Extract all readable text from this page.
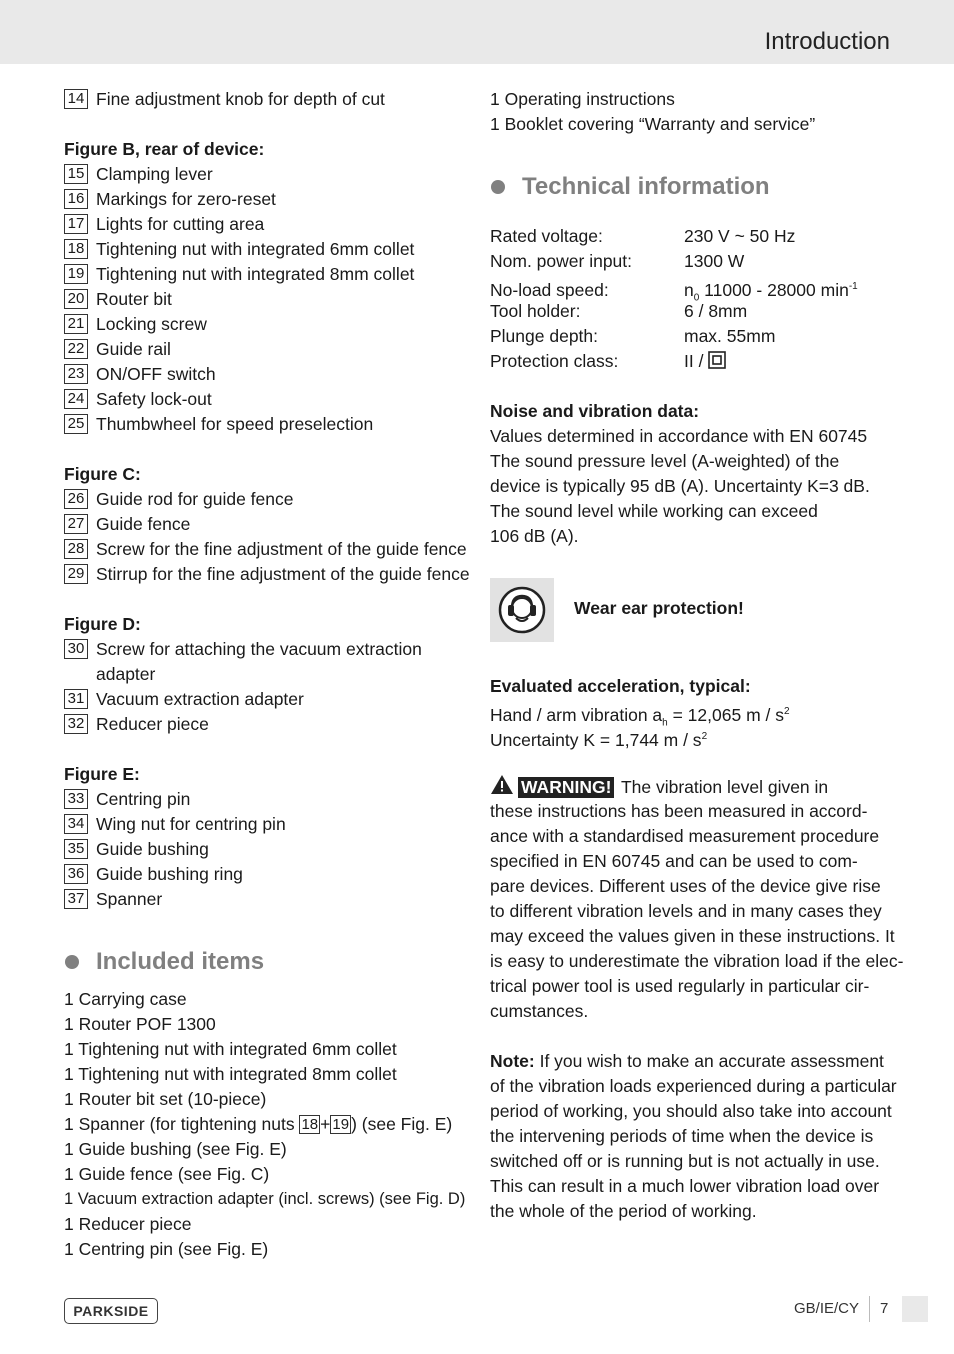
Introduction
14 Fine adjustment knob for depth of cut
Figure B, rear of device:
15 Clamping lever
16 Markings for zero-reset
17 Lights for cutting area
18 Tightening nut with integrated 6mm collet
19 Tightening nut with integrated 8mm collet
20 Router bit
21 Locking screw
22 Guide rail
23 ON/OFF switch
24 Safety lock-out
25 Thumbwheel for speed preselection
Figure C:
26 Guide rod for guide fence
27 Guide fence
28 Screw for the fine adjustment of the guide fence
29 Stirrup for the fine adjustment of the guide fence
Figure D:
30 Screw for attaching the vacuum extraction
adapter
31 Vacuum extraction adapter
32 Reducer piece
Figure E:
33 Centring pin
34 Wing nut for centring pin
35 Guide bushing
36 Guide bushing ring
37 Spanner
Included items
1 Carrying case
1 Router POF 1300
1 Tightening nut with integrated 6mm collet
1 Tightening nut with integrated 8mm collet
1 Router bit set (10-piece)
1 Spanner (for tightening nuts 18 + 19 ) (see Fig. E)
1 Guide bushing (see Fig. E)
1 Guide fence (see Fig. C)
1 Vacuum extraction adapter (incl. screws) (see Fig. D)
1 Reducer piece
1 Centring pin (see Fig. E)
1 Operating instructions
1 Booklet covering “Warranty and service”
Technical information
Rated voltage:	230 V ~ 50 Hz
Nom. power input:	1300 W
No-load speed:	$n_0$ 11000 - 28000 $\min^{-1}$
Tool holder:	6 / 8mm
Plunge depth:	max. 55mm
Protection class:	II /
Noise and vibration data:
Values determined in accordance with EN 60745
The sound pressure level (A-weighted) of the
device is typically 95 dB (A). Uncertainty K=3 dB.
The sound level while working can exceed
106 dB (A).
Wear ear protection!
Evaluated acceleration, typical:
Hand / arm vibration $a_h = 12,065$ m / $s^2$
Uncertainty K = 1,744 m / $s^2$
WARNING! The vibration level given in
these instructions has been measured in accord-
ance with a standardised measurement procedure
specified in EN 60745 and can be used to com-
pare devices. Different uses of the device give rise
to different vibration levels and in many cases they
may exceed the values given in these instructions. It
is easy to underestimate the vibration load if the elec-
trical power tool is used regularly in particular cir-
cumstances.
Note: If you wish to make an accurate assessment
of the vibration loads experienced during a particular
period of working, you should also take into account
the intervening periods of time when the device is
switched off or is running but is not actually in use.
This can result in a much lower vibration load over
the whole of the period of working.
PARKSIDE	GB/IE/CY 7
